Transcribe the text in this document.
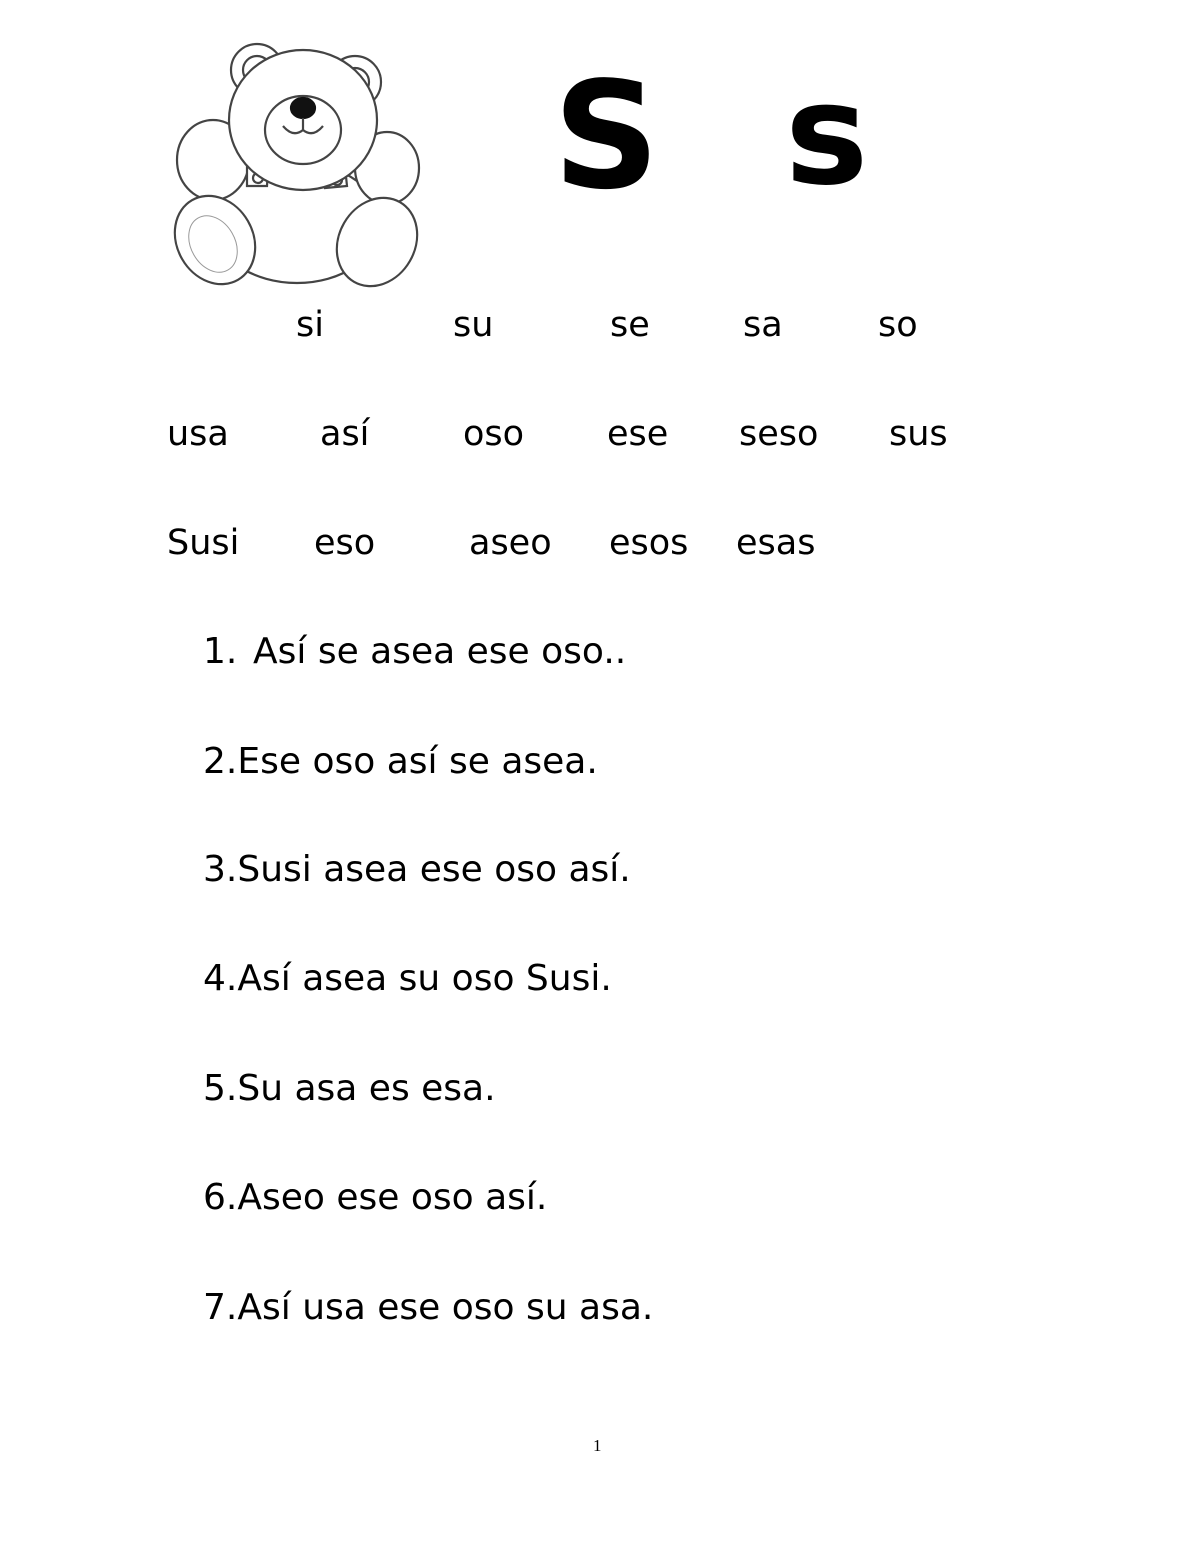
S s
si	su	se	sa	so
usa	así	oso ese seso sus
Susi eso	aseo esos esas
1. Así se asea ese oso..
2.Ese oso así se asea.
3.Susi asea ese oso así.
4.Así asea su oso Susi.
5.Su asa es esa.
6.Aseo ese oso así.
7.Así usa ese oso su asa.
1
